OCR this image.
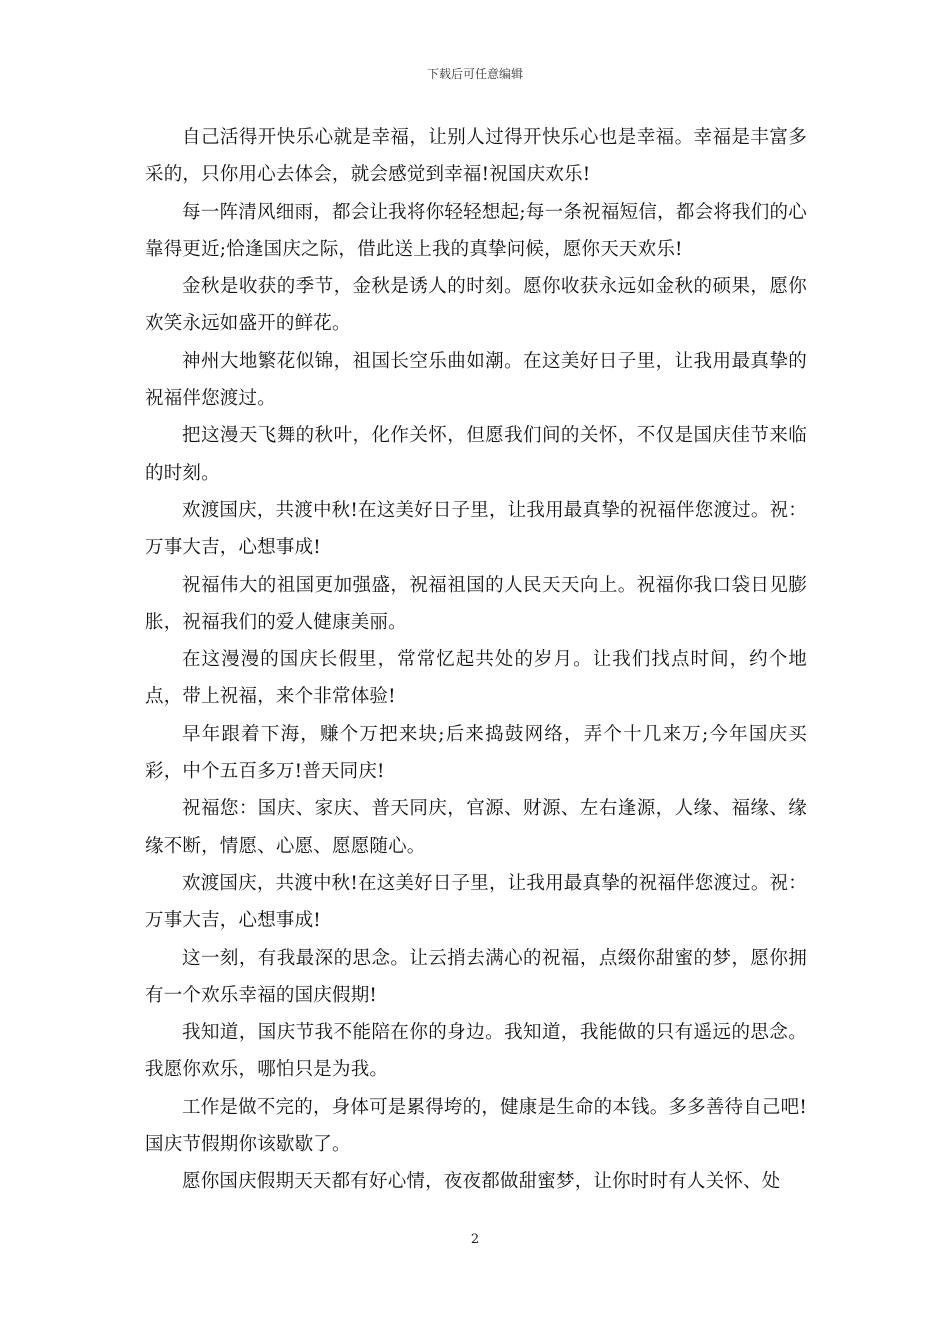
下载后可任意编辑

自己活得开快乐心就是幸福，让别人过得开快乐心也是幸福。幸福是丰富多采的，只你用心去体会，就会感觉到幸福!祝国庆欢乐!

每一阵清风细雨，都会让我将你轻轻想起;每一条祝福短信，都会将我们的心靠得更近;恰逢国庆之际，借此送上我的真挚问候，愿你天天欢乐!

金秋是收获的季节，金秋是诱人的时刻。愿你收获永远如金秋的硕果，愿你欢笑永远如盛开的鲜花。

神州大地繁花似锦，祖国长空乐曲如潮。在这美好日子里，让我用最真挚的祝福伴您渡过。

把这漫天飞舞的秋叶，化作关怀，但愿我们间的关怀，不仅是国庆佳节来临的时刻。

欢渡国庆，共渡中秋!在这美好日子里，让我用最真挚的祝福伴您渡过。祝：万事大吉，心想事成!

祝福伟大的祖国更加强盛，祝福祖国的人民天天向上。祝福你我口袋日见膨胀，祝福我们的爱人健康美丽。

在这漫漫的国庆长假里，常常忆起共处的岁月。让我们找点时间，约个地点，带上祝福，来个非常体验!

早年跟着下海，赚个万把来块;后来捣鼓网络，弄个十几来万;今年国庆买彩，中个五百多万!普天同庆!

祝福您：国庆、家庆、普天同庆，官源、财源、左右逢源，人缘、福缘、缘缘不断，情愿、心愿、愿愿随心。

欢渡国庆，共渡中秋!在这美好日子里，让我用最真挚的祝福伴您渡过。祝：万事大吉，心想事成!

这一刻，有我最深的思念。让云捎去满心的祝福，点缀你甜蜜的梦，愿你拥有一个欢乐幸福的国庆假期!

我知道，国庆节我不能陪在你的身边。我知道，我能做的只有遥远的思念。我愿你欢乐，哪怕只是为我。

工作是做不完的，身体可是累得垮的，健康是生命的本钱。多多善待自己吧!国庆节假期你该歇歇了。

愿你国庆假期天天都有好心情，夜夜都做甜蜜梦，让你时时有人关怀、处

2
